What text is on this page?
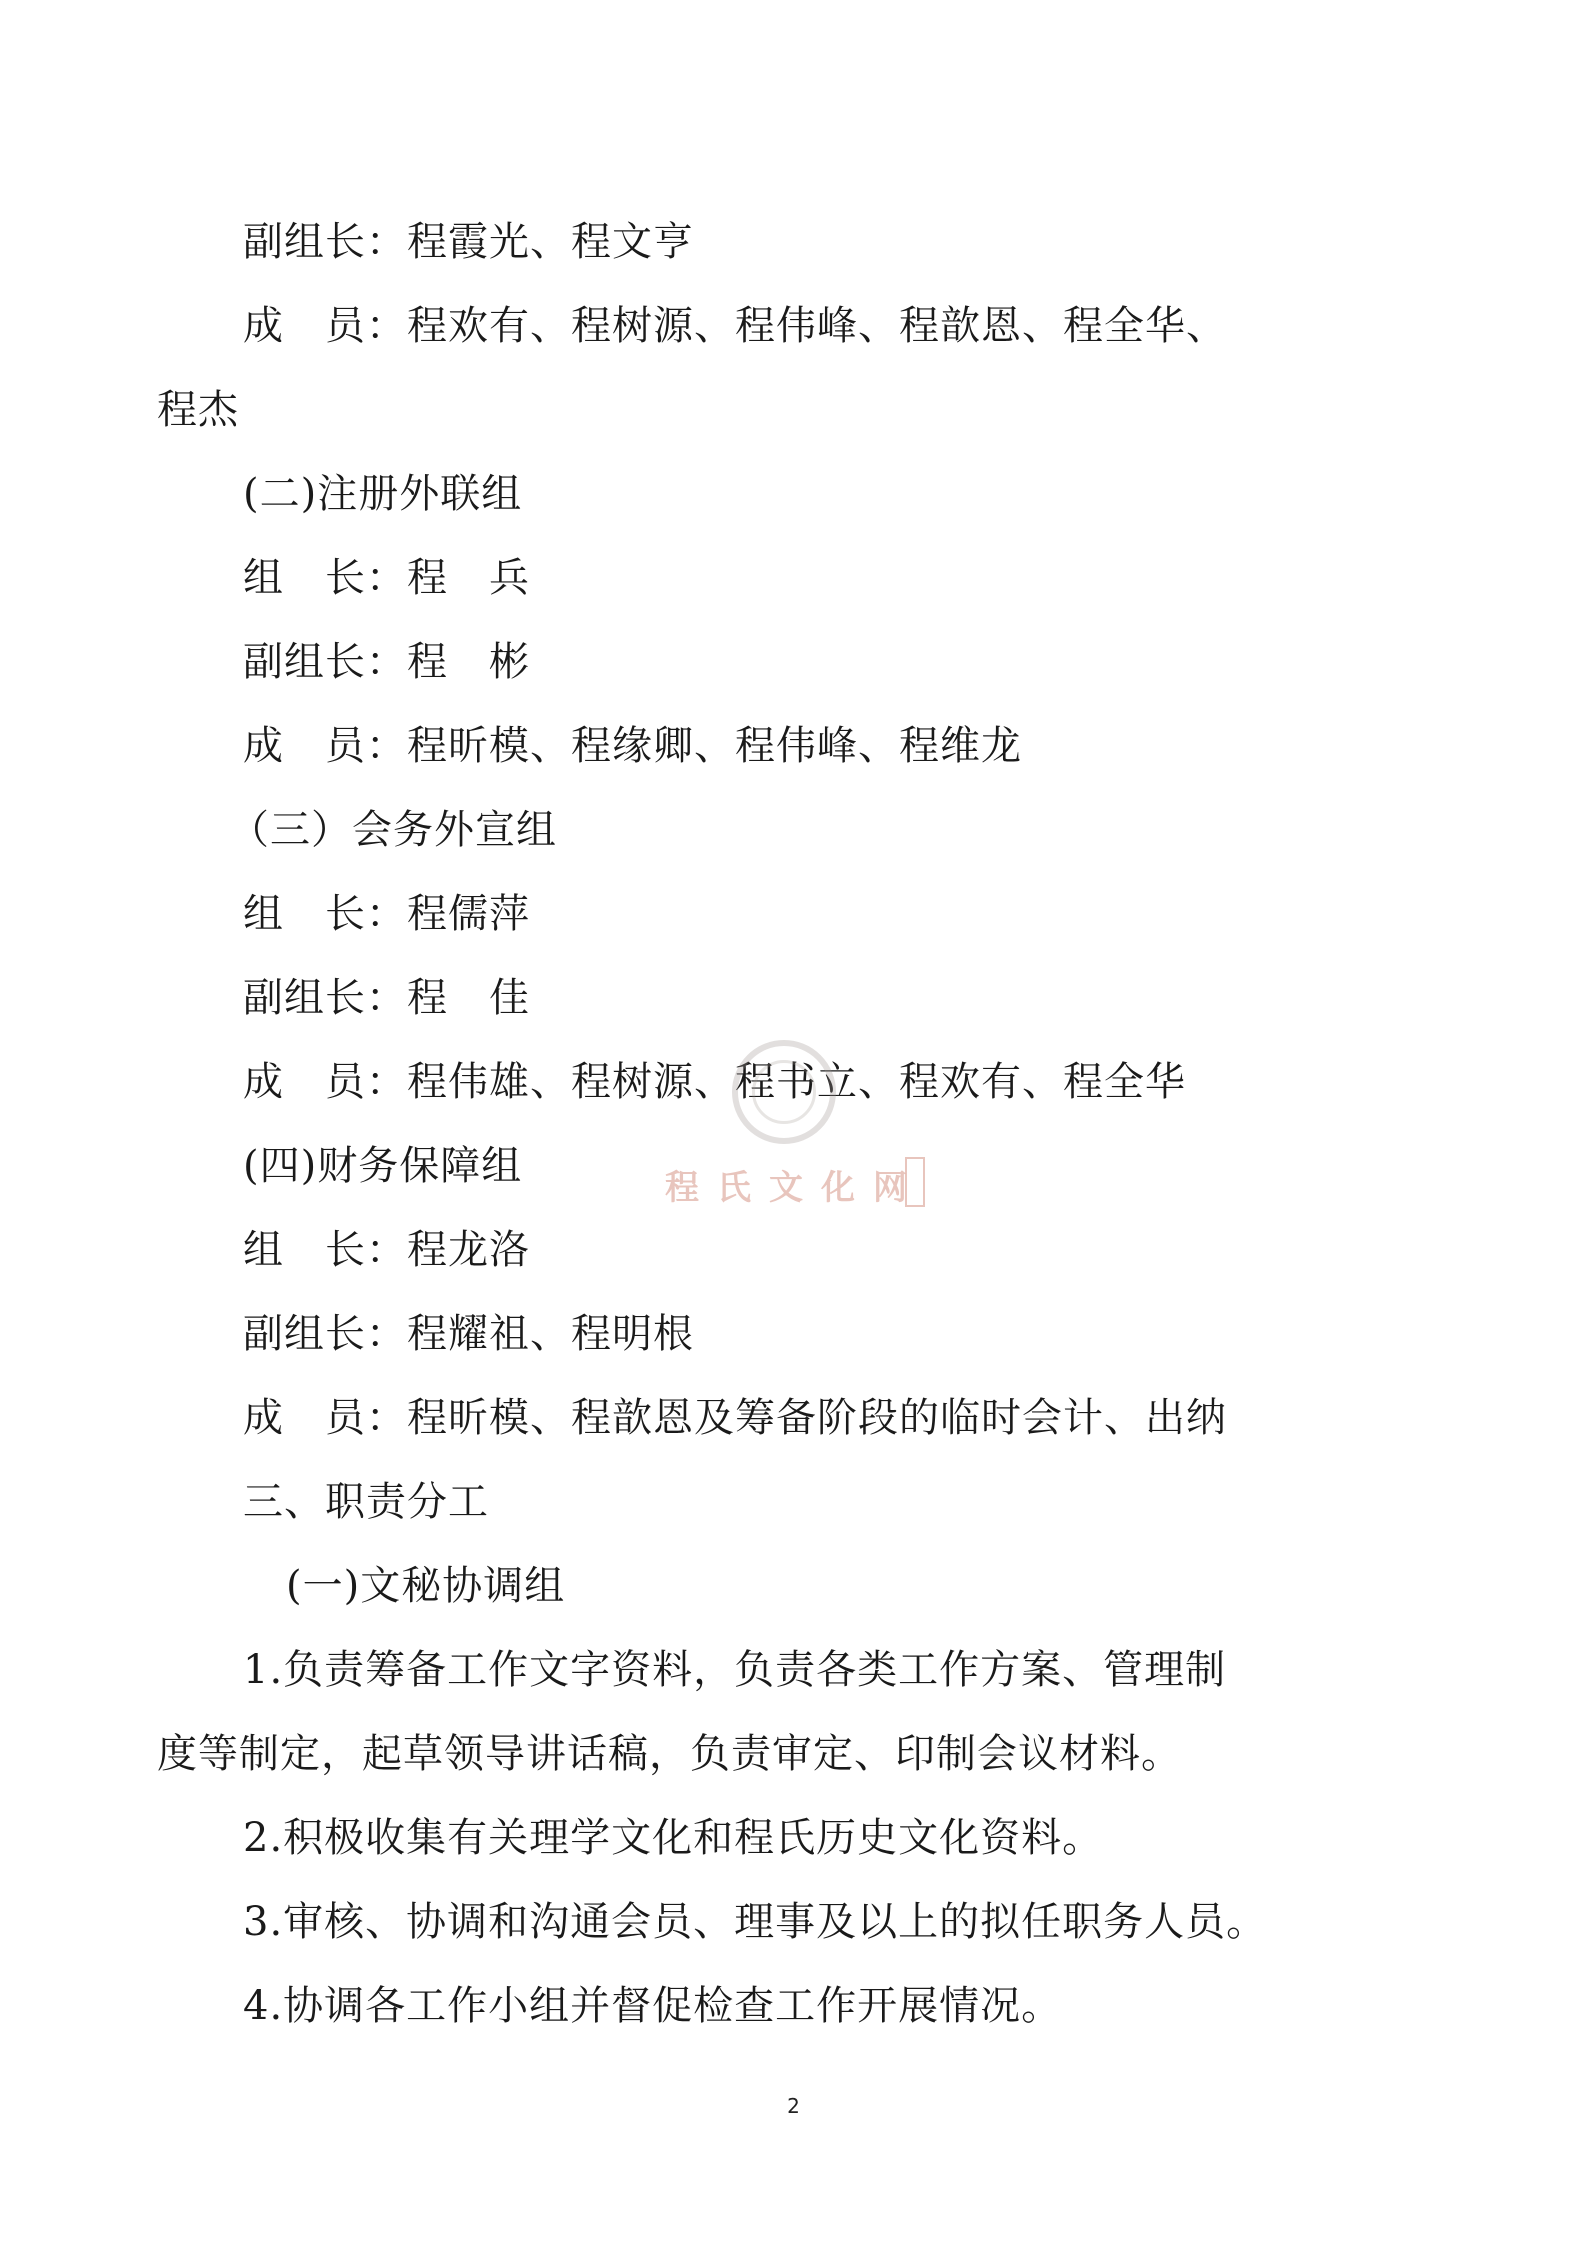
副组长：程霞光、程文亨
成　员：程欢有、程树源、程伟峰、程歆恩、程全华、
程杰
(二)注册外联组
组　长：程　兵
副组长：程　彬
成　员：程昕模、程缘卿、程伟峰、程维龙
（三）会务外宣组
组　长：程儒萍
副组长：程　佳
成　员：程伟雄、程树源、程书立、程欢有、程全华
(四)财务保障组
组　长：程龙洛
副组长：程耀祖、程明根
成　员：程昕模、程歆恩及筹备阶段的临时会计、出纳
三、职责分工
(一)文秘协调组
1.负责筹备工作文字资料，负责各类工作方案、管理制
度等制定，起草领导讲话稿，负责审定、印制会议材料。
2.积极收集有关理学文化和程氏历史文化资料。
3.审核、协调和沟通会员、理事及以上的拟任职务人员。
4.协调各工作小组并督促检查工作开展情况。
程氏文化网
2
